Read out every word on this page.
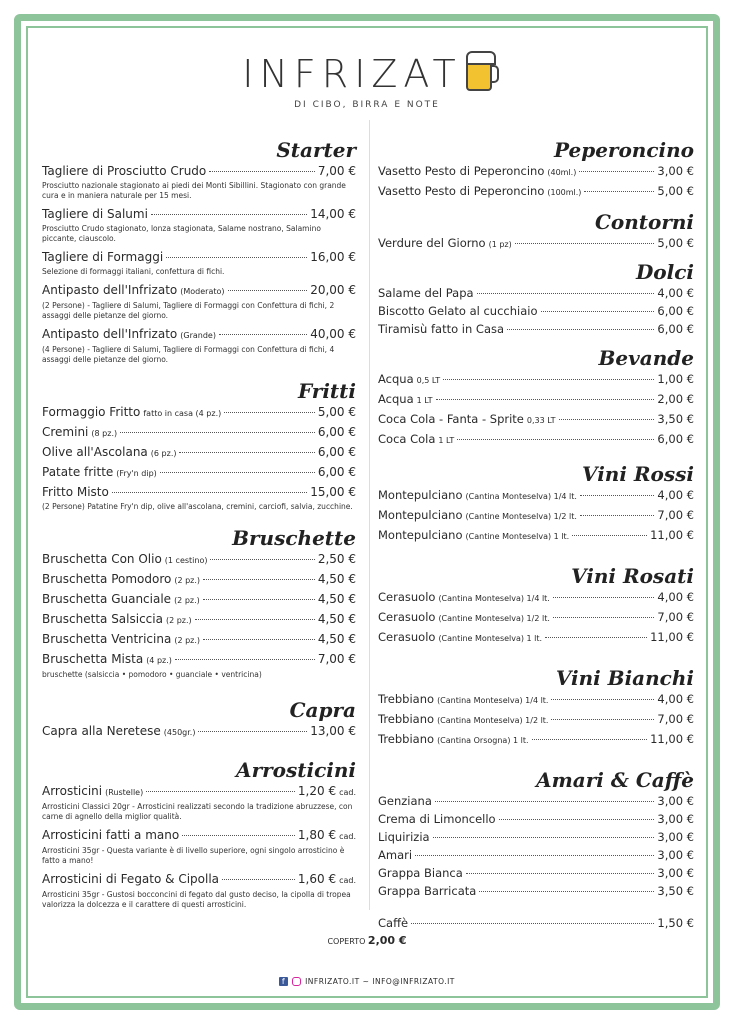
INFRIZAT
DI CIBO, BIRRA E NOTE
Starter
Tagliere di Prosciutto Crudo	7,00 €
Prosciutto nazionale stagionato ai piedi dei Monti Sibillini. Stagionato con grande cura e in maniera naturale per 15 mesi.
Tagliere di Salumi	14,00 €
Prosciutto Crudo stagionato, lonza stagionata, Salame nostrano, Salamino piccante, ciauscolo.
Tagliere di Formaggi	16,00 €
Selezione di formaggi italiani, confettura di fichi.
Antipasto dell'Infrizato (Moderato)	20,00 €
(2 Persone) - Tagliere di Salumi, Tagliere di Formaggi con Confettura di fichi, 2 assaggi delle pietanze del giorno.
Antipasto dell'Infrizato (Grande)	40,00 €
(4 Persone) - Tagliere di Salumi, Tagliere di Formaggi con Confettura di fichi, 4 assaggi delle pietanze del giorno.
Fritti
Formaggio Fritto fatto in casa (4 pz.)	5,00 €
Cremini (8 pz.)	6,00 €
Olive all'Ascolana (6 pz.)	6,00 €
Patate fritte (Fry'n dip)	6,00 €
Fritto Misto	15,00 €
(2 Persone) Patatine Fry'n dip, olive all'ascolana, cremini, carciofi, salvia, zucchine.
Bruschette
Bruschetta Con Olio (1 cestino)	2,50 €
Bruschetta Pomodoro (2 pz.)	4,50 €
Bruschetta Guanciale (2 pz.)	4,50 €
Bruschetta Salsiccia (2 pz.)	4,50 €
Bruschetta Ventricina (2 pz.)	4,50 €
Bruschetta Mista (4 pz.)	7,00 €
bruschette (salsiccia • pomodoro • guanciale • ventricina)
Capra
Capra alla Neretese (450gr.)	13,00 €
Arrosticini
Arrosticini (Rustelle)	1,20 € cad.
Arrosticini Classici 20gr - Arrosticini realizzati secondo la tradizione abruzzese, con carne di agnello della miglior qualità.
Arrosticini fatti a mano	1,80 € cad.
Arrosticini 35gr - Questa variante è di livello superiore, ogni singolo arrosticino è fatto a mano!
Arrosticini di Fegato & Cipolla	1,60 € cad.
Arrosticini 35gr - Gustosi bocconcini di fegato dal gusto deciso, la cipolla di tropea valorizza la dolcezza e il carattere di questi arrosticini.
Peperoncino
Vasetto Pesto di Peperoncino (40ml.)	3,00 €
Vasetto Pesto di Peperoncino (100ml.)	5,00 €
Contorni
Verdure del Giorno (1 pz)	5,00 €
Dolci
Salame del Papa	4,00 €
Biscotto Gelato al cucchiaio	6,00 €
Tiramisù fatto in Casa	6,00 €
Bevande
Acqua 0,5 LT	1,00 €
Acqua 1 LT	2,00 €
Coca Cola - Fanta - Sprite 0,33 LT	3,50 €
Coca Cola 1 LT	6,00 €
Vini Rossi
Montepulciano (Cantina Monteselva) 1/4 lt.	4,00 €
Montepulciano (Cantine Monteselva) 1/2 lt.	7,00 €
Montepulciano (Cantine Monteselva) 1 lt.	11,00 €
Vini Rosati
Cerasuolo (Cantina Monteselva) 1/4 lt.	4,00 €
Cerasuolo (Cantine Monteselva) 1/2 lt.	7,00 €
Cerasuolo (Cantine Monteselva) 1 lt.	11,00 €
Vini Bianchi
Trebbiano (Cantina Monteselva) 1/4 lt.	4,00 €
Trebbiano (Cantina Monteselva) 1/2 lt.	7,00 €
Trebbiano (Cantina Orsogna) 1 lt.	11,00 €
Amari & Caffè
Genziana	3,00 €
Crema di Limoncello	3,00 €
Liquirizia	3,00 €
Amari	3,00 €
Grappa Bianca	3,00 €
Grappa Barricata	3,50 €
Caffè	1,50 €
COPERTO 2,00 €
f	INFRIZATO.IT ~ INFO@INFRIZATO.IT
